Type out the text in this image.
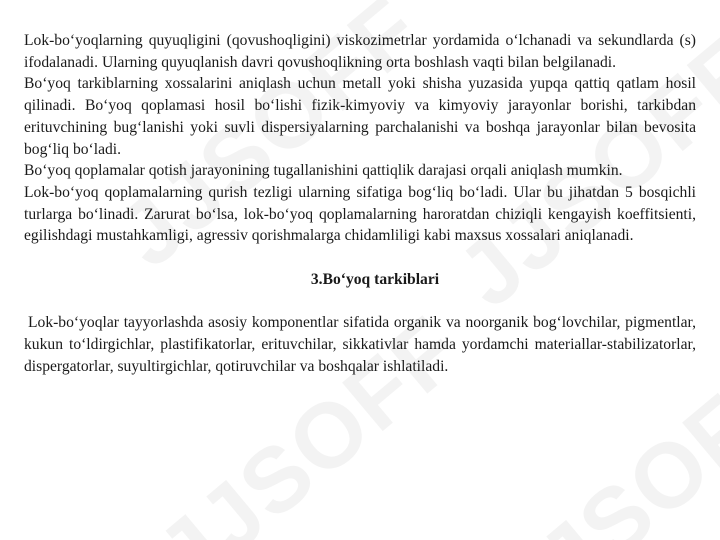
Lok-bo‘yoqlarning quyuqligini (qovushoqligini) viskozimetrlar yordamida o‘lchanadi va sekundlarda (s) ifodalanadi. Ularning quyuqlanish davri qovushoqlikning orta boshlash vaqti bilan belgilanadi.

Bo‘yoq tarkiblarning xossalarini aniqlash uchun metall yoki shisha yuzasida yupqa qattiq qatlam hosil qilinadi. Bo‘yoq qoplamasi hosil bo‘lishi fizik-kimyoviy va kimyoviy jarayonlar borishi, tarkibdan erituvchining bug‘lanishi yoki suvli dispersiyalarning parchalanishi va boshqa jarayonlar bilan bevosita bog‘liq bo‘ladi.

Bo‘yoq qoplamalar qotish jarayonining tugallanishini qattiqlik darajasi orqali aniqlash mumkin.

Lok-bo‘yoq qoplamalarning qurish tezligi ularning sifatiga bog‘liq bo‘ladi. Ular bu jihatdan 5 bosqichli turlarga bo‘linadi. Zarurat bo‘lsa, lok-bo‘yoq qoplamalarning haroratdan chiziqli kengayish koeffitsienti, egilishdagi mustahkamligi, agressiv qorishmalarga chidamliligi kabi maxsus xossalari aniqlanadi.

3.Bo‘yoq tarkiblari

Lok-bo‘yoqlar tayyorlashda asosiy komponentlar sifatida organik va noorganik bog‘lovchilar, pigmentlar, kukun to‘ldirgichlar, plastifikatorlar, erituvchilar, sikkativlar hamda yordamchi materiallar-stabilizatorlar, dispergatorlar, suyultirgichlar, qotiruvchilar va boshqalar ishlatiladi.
